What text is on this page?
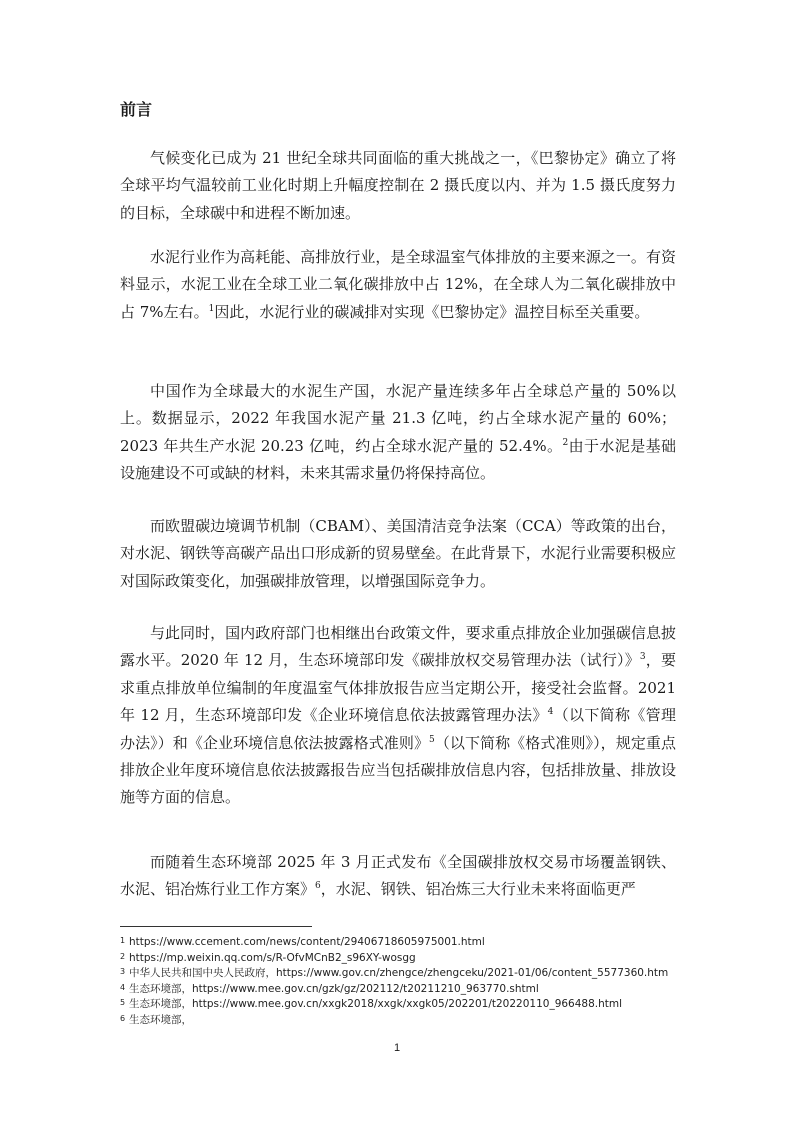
前言

气候变化已成为 21 世纪全球共同面临的重大挑战之一，《巴黎协定》确立了将全球平均气温较前工业化时期上升幅度控制在 2 摄氏度以内、并为 1.5 摄氏度努力的目标，全球碳中和进程不断加速。

水泥行业作为高耗能、高排放行业，是全球温室气体排放的主要来源之一。有资料显示，水泥工业在全球工业二氧化碳排放中占 12%，在全球人为二氧化碳排放中占 7%左右。$^1$因此，水泥行业的碳减排对实现《巴黎协定》温控目标至关重要。

中国作为全球最大的水泥生产国，水泥产量连续多年占全球总产量的 50%以上。数据显示，2022 年我国水泥产量 21.3 亿吨，约占全球水泥产量的 60%；2023 年共生产水泥 20.23 亿吨，约占全球水泥产量的 52.4%。$^2$由于水泥是基础设施建设不可或缺的材料，未来其需求量仍将保持高位。

而欧盟碳边境调节机制（CBAM）、美国清洁竞争法案（CCA）等政策的出台，对水泥、钢铁等高碳产品出口形成新的贸易壁垒。在此背景下，水泥行业需要积极应对国际政策变化，加强碳排放管理，以增强国际竞争力。

与此同时，国内政府部门也相继出台政策文件，要求重点排放企业加强碳信息披露水平。2020 年 12 月，生态环境部印发《碳排放权交易管理办法（试行）》$^3$，要求重点排放单位编制的年度温室气体排放报告应当定期公开，接受社会监督。2021 年 12 月，生态环境部印发《企业环境信息依法披露管理办法》$^4$（以下简称《管理办法》）和《企业环境信息依法披露格式准则》$^5$（以下简称《格式准则》），规定重点排放企业年度环境信息依法披露报告应当包括碳排放信息内容，包括排放量、排放设施等方面的信息。

而随着生态环境部 2025 年 3 月正式发布《全国碳排放权交易市场覆盖钢铁、水泥、铝冶炼行业工作方案》$^6$，水泥、钢铁、铝冶炼三大行业未来将面临更严

1 https://www.ccement.com/news/content/29406718605975001.html
2 https://mp.weixin.qq.com/s/R-OfvMCnB2_s96XY-wosgg
3 中华人民共和国中央人民政府，https://www.gov.cn/zhengce/zhengceku/2021-01/06/content_5577360.htm
4 生态环境部，https://www.mee.gov.cn/gzk/gz/202112/t20211210_963770.shtml
5 生态环境部，https://www.mee.gov.cn/xxgk2018/xxgk/xxgk05/202201/t20220110_966488.html
6 生态环境部，
1
